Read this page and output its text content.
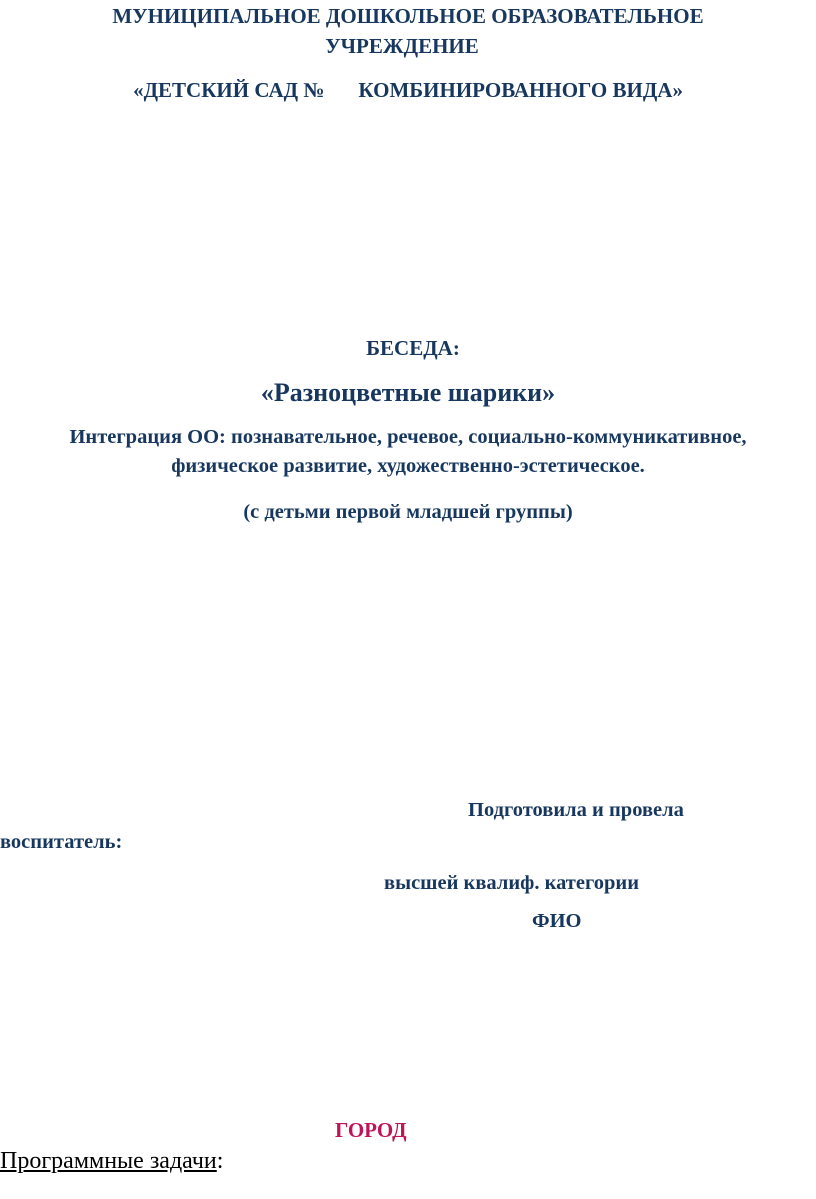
МУНИЦИПАЛЬНОЕ ДОШКОЛЬНОЕ ОБРАЗОВАТЕЛЬНОЕ
УЧРЕЖДЕНИЕ
«ДЕТСКИЙ САД № КОМБИНИРОВАННОГО ВИДА»
БЕСЕДА:
«Разноцветные шарики»
Интеграция ОО: познавательное, речевое, социально-коммуникативное,
физическое развитие, художественно-эстетическое.
(с детьми первой младшей группы)
Подготовила и провела
воспитатель:
высшей квалиф. категории
ФИО
ГОРОД
Программные задачи:
